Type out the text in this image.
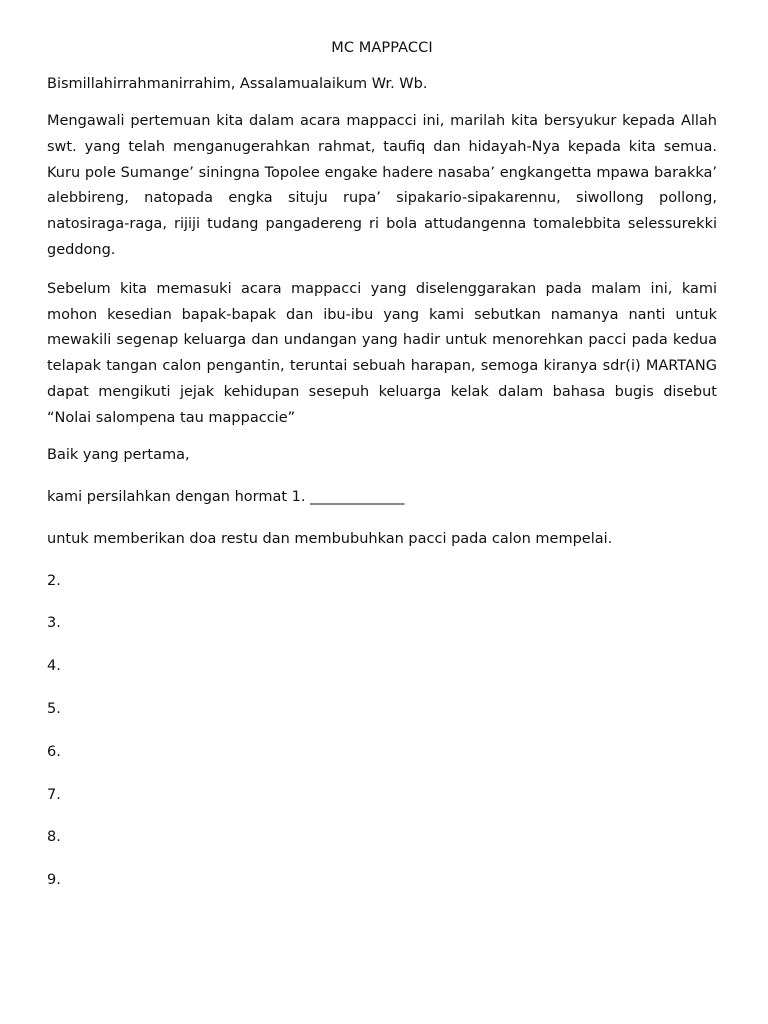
MC MAPPACCI

Bismillahirrahmanirrahim, Assalamualaikum Wr. Wb.

Mengawali pertemuan kita dalam acara mappacci ini, marilah kita bersyukur kepada Allah swt. yang telah menganugerahkan rahmat, taufiq dan hidayah-Nya kepada kita semua. Kuru pole Sumange’ siningna Topolee engake hadere nasaba’ engkangetta mpawa barakka’ alebbireng, natopada engka situju rupa’ sipakario-sipakarennu, siwollong pollong, natosiraga-raga, rijiji tudang pangadereng ri bola attudangenna tomalebbita selessurekki geddong.

Sebelum kita memasuki acara mappacci yang diselenggarakan pada malam ini, kami mohon kesedian bapak-bapak dan ibu-ibu yang kami sebutkan namanya nanti untuk mewakili segenap keluarga dan undangan yang hadir untuk menorehkan pacci pada kedua telapak tangan calon pengantin, teruntai sebuah harapan, semoga kiranya sdr(i) MARTANG dapat mengikuti jejak kehidupan sesepuh keluarga kelak dalam bahasa bugis disebut “Nolai salompena tau mappaccie”

Baik yang pertama,

kami persilahkan dengan hormat 1. _____________

untuk memberikan doa restu dan membubuhkan pacci pada calon mempelai.

2.
3.
4.
5.
6.
7.
8.
9.
